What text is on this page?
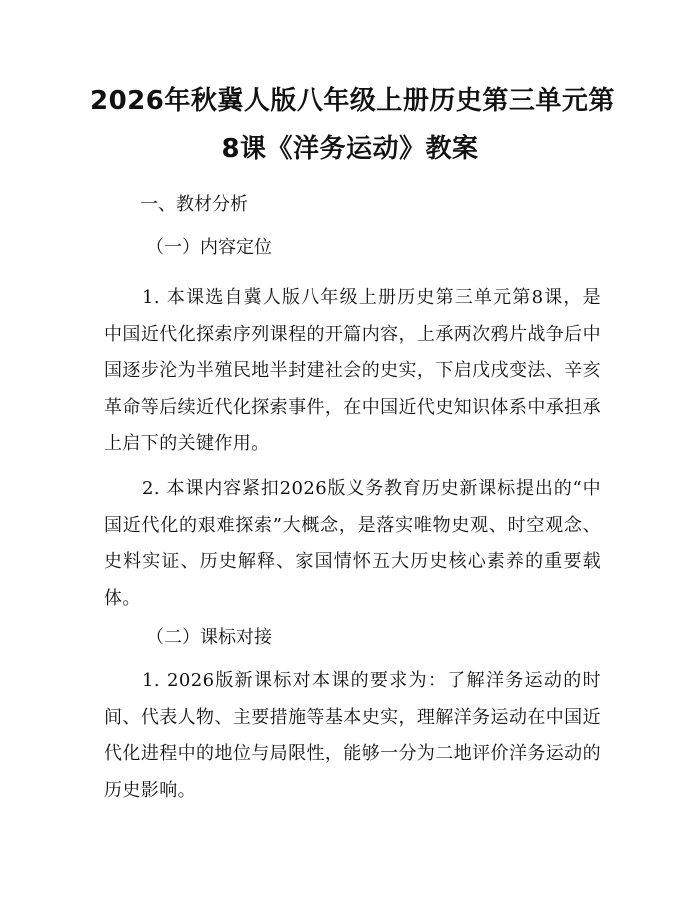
2026年秋冀人版八年级上册历史第三单元第
8课《洋务运动》教案
一、教材分析
（一）内容定位
1. 本课选自冀人版八年级上册历史第三单元第8课，是中国近代化探索序列课程的开篇内容，上承两次鸦片战争后中国逐步沦为半殖民地半封建社会的史实，下启戊戌变法、辛亥革命等后续近代化探索事件，在中国近代史知识体系中承担承上启下的关键作用。
2. 本课内容紧扣2026版义务教育历史新课标提出的“中国近代化的艰难探索”大概念，是落实唯物史观、时空观念、史料实证、历史解释、家国情怀五大历史核心素养的重要载体。
（二）课标对接
1. 2026版新课标对本课的要求为：了解洋务运动的时间、代表人物、主要措施等基本史实，理解洋务运动在中国近代化进程中的地位与局限性，能够一分为二地评价洋务运动的历史影响。
